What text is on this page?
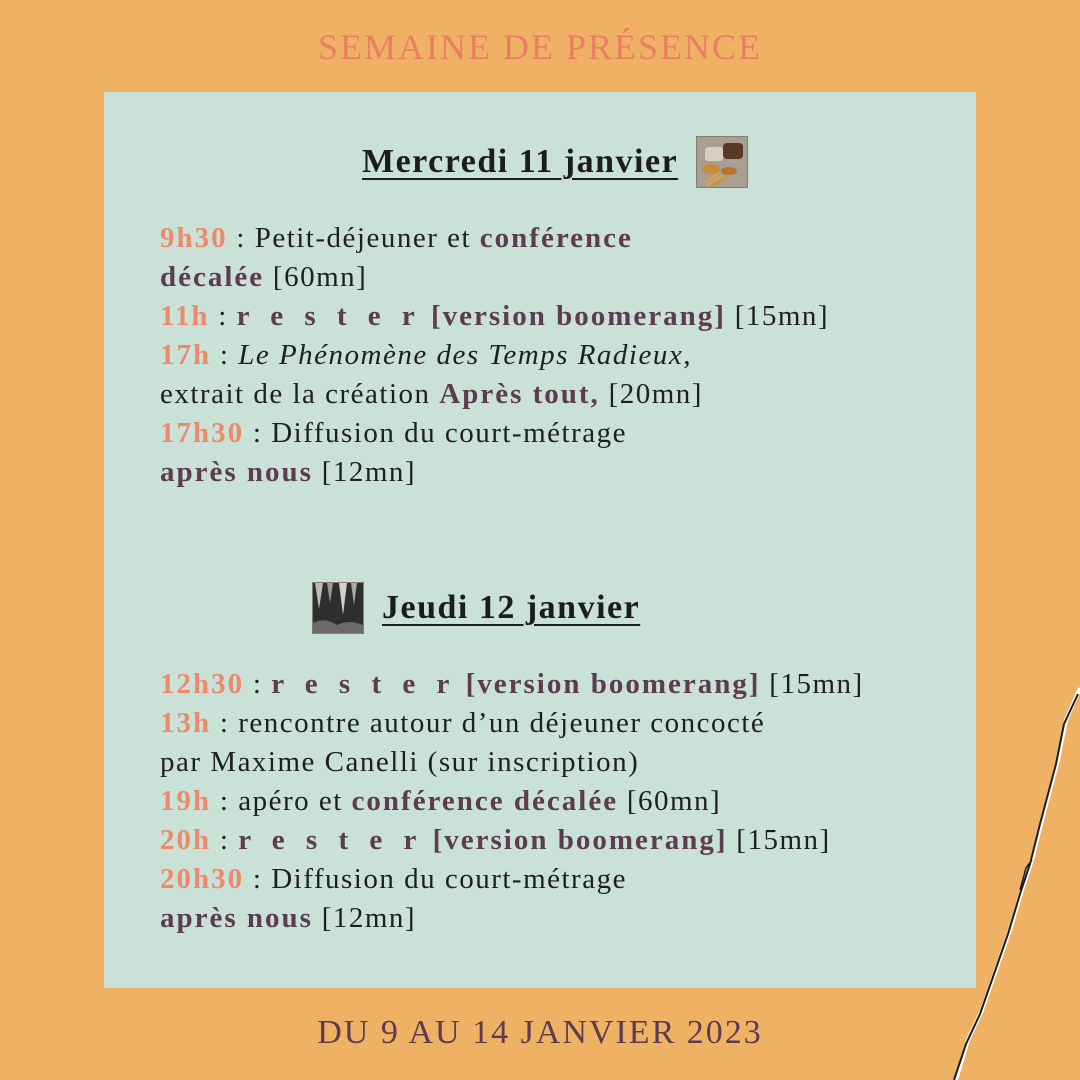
SEMAINE DE PRÉSENCE
Mercredi 11 janvier
9h30 : Petit-déjeuner et conférence
décalée [60mn]
11h : r e s t e r [version boomerang] [15mn]
17h : Le Phénomène des Temps Radieux,
extrait de la création Après tout, [20mn]
17h30 : Diffusion du court-métrage
après nous [12mn]
Jeudi 12 janvier
12h30 : r e s t e r [version boomerang] [15mn]
13h : rencontre autour d’un déjeuner concocté
par Maxime Canelli (sur inscription)
19h : apéro et conférence décalée [60mn]
20h : r e s t e r [version boomerang] [15mn]
20h30 : Diffusion du court-métrage
après nous [12mn]
DU 9 AU 14 JANVIER 2023
